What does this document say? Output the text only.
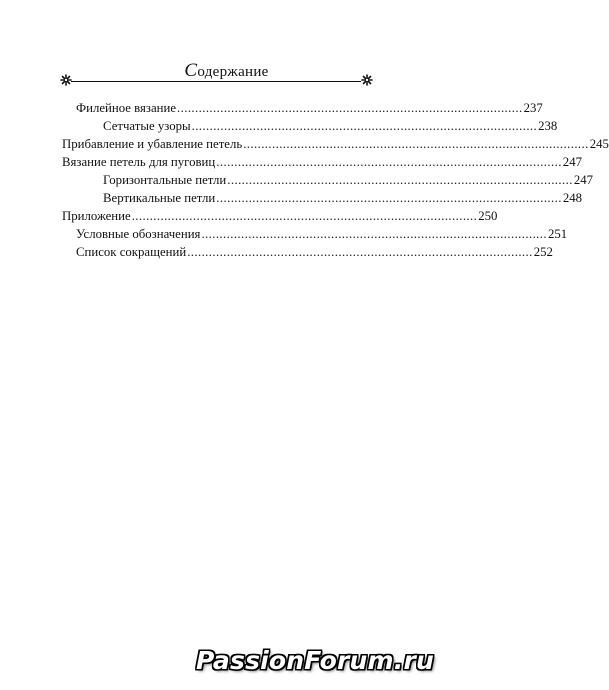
Содержание
Филейное вязание ................................................................................................ 237
Сетчатые узоры ................................................................................................ 238
Прибавление и убавление петель ................................................................................................ 245
Вязание петель для пуговиц ................................................................................................ 247
Горизонтальные петли ................................................................................................ 247
Вертикальные петли ................................................................................................ 248
Приложение ................................................................................................ 250
Условные обозначения ................................................................................................ 251
Список сокращений ................................................................................................ 252
PassionForum.ru
